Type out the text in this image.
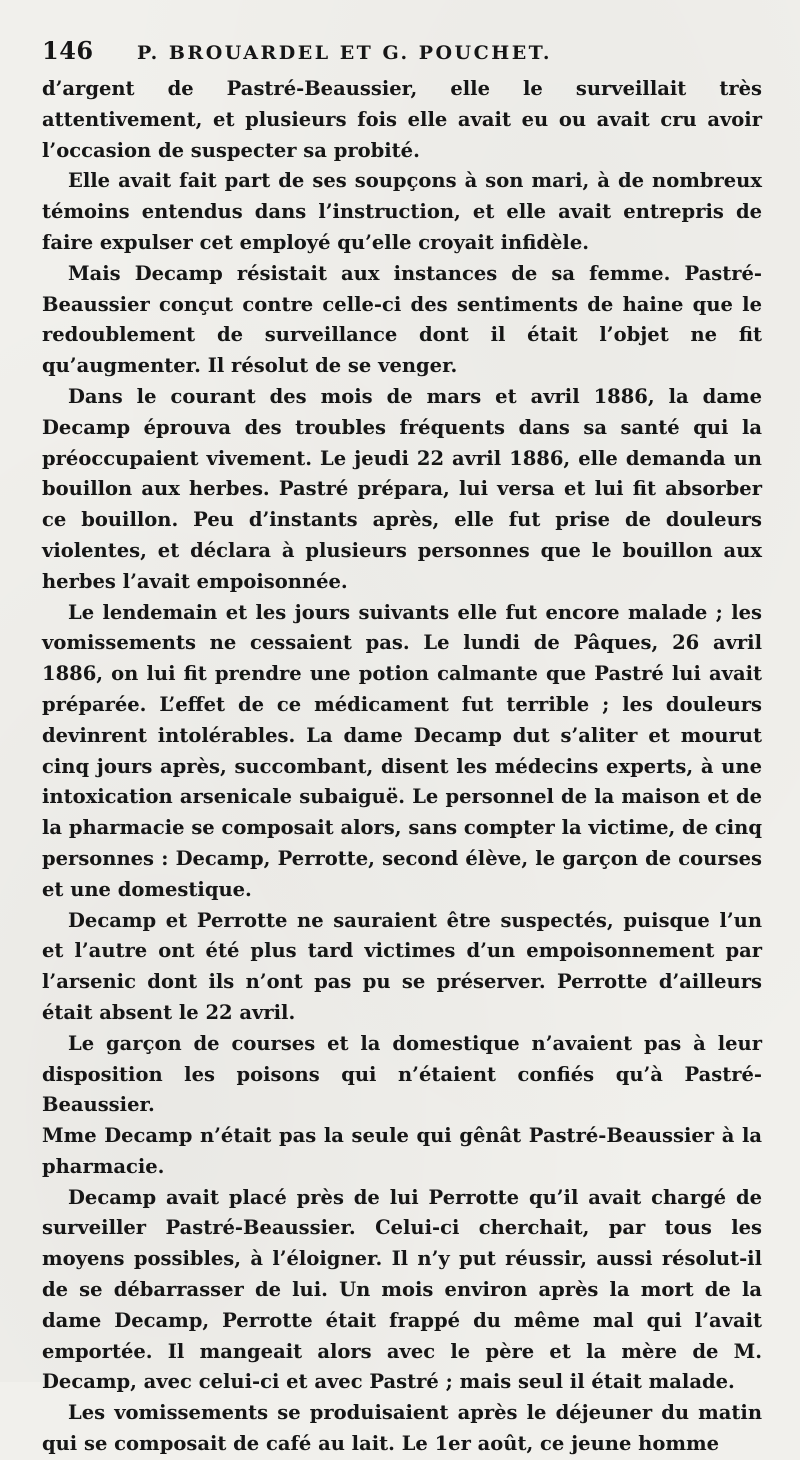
146 P. BROUARDEL ET G. POUCHET.

d’argent de Pastré-Beaussier, elle le surveillait très attentivement, et plusieurs fois elle avait eu ou avait cru avoir l’occasion de suspecter sa probité.

Elle avait fait part de ses soupçons à son mari, à de nombreux témoins entendus dans l’instruction, et elle avait entrepris de faire expulser cet employé qu’elle croyait infidèle.

Mais Decamp résistait aux instances de sa femme. Pastré-Beaussier conçut contre celle-ci des sentiments de haine que le redoublement de surveillance dont il était l’objet ne fit qu’augmenter. Il résolut de se venger.

Dans le courant des mois de mars et avril 1886, la dame Decamp éprouva des troubles fréquents dans sa santé qui la préoccupaient vivement. Le jeudi 22 avril 1886, elle demanda un bouillon aux herbes. Pastré prépara, lui versa et lui fit absorber ce bouillon. Peu d’instants après, elle fut prise de douleurs violentes, et déclara à plusieurs personnes que le bouillon aux herbes l’avait empoisonnée.

Le lendemain et les jours suivants elle fut encore malade ; les vomissements ne cessaient pas. Le lundi de Pâques, 26 avril 1886, on lui fit prendre une potion calmante que Pastré lui avait préparée. L’effet de ce médicament fut terrible ; les douleurs devinrent intolérables. La dame Decamp dut s’aliter et mourut cinq jours après, succombant, disent les médecins experts, à une intoxication arsenicale subaiguë. Le personnel de la maison et de la pharmacie se composait alors, sans compter la victime, de cinq personnes : Decamp, Perrotte, second élève, le garçon de courses et une domestique.

Decamp et Perrotte ne sauraient être suspectés, puisque l’un et l’autre ont été plus tard victimes d’un empoisonnement par l’arsenic dont ils n’ont pas pu se préserver. Perrotte d’ailleurs était absent le 22 avril.

Le garçon de courses et la domestique n’avaient pas à leur disposition les poisons qui n’étaient confiés qu’à Pastré-Beaussier.

Mme Decamp n’était pas la seule qui gênât Pastré-Beaussier à la pharmacie.

Decamp avait placé près de lui Perrotte qu’il avait chargé de surveiller Pastré-Beaussier. Celui-ci cherchait, par tous les moyens possibles, à l’éloigner. Il n’y put réussir, aussi résolut-il de se débarrasser de lui. Un mois environ après la mort de la dame Decamp, Perrotte était frappé du même mal qui l’avait emportée. Il mangeait alors avec le père et la mère de M. Decamp, avec celui-ci et avec Pastré ; mais seul il était malade.

Les vomissements se produisaient après le déjeuner du matin qui se composait de café au lait. Le 1er août, ce jeune homme
